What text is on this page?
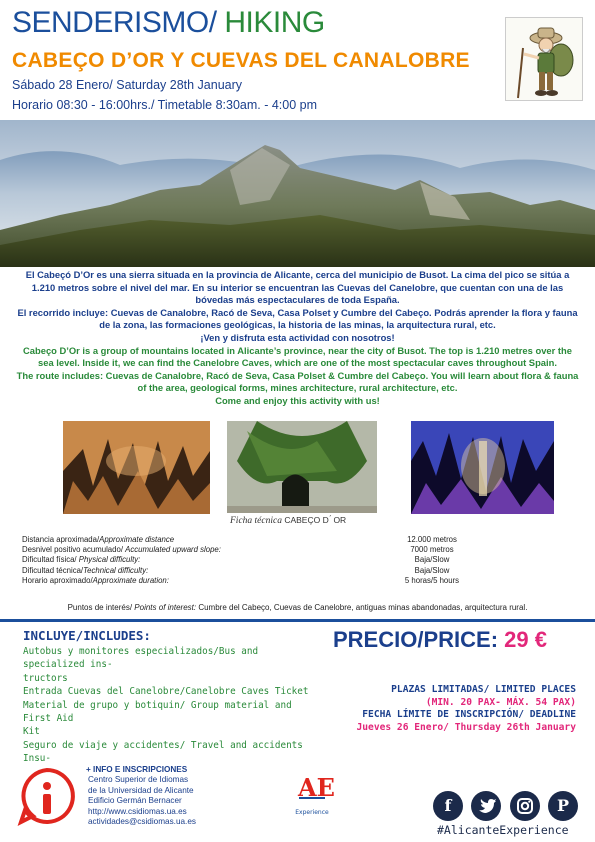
SENDERISMO/ HIKING
CABEÇO D’OR Y CUEVAS DEL CANALOBRE
Sábado 28 Enero/ Saturday 28th January
Horario 08:30 - 16:00hrs./ Timetable 8:30am. - 4:00 pm

El Cabeçó D’Or es una sierra situada en la provincia de Alicante, cerca del municipio de Busot. La cima del pico se sitúa a 1.210 metros sobre el nivel del mar. En su interior se encuentran las Cuevas del Canelobre, que cuentan con una de las bóvedas más espectaculares de toda España.

El recorrido incluye: Cuevas de Canalobre, Racó de Seva, Casa Polset y Cumbre del Cabeço. Podrás aprender la flora y fauna de la zona, las formaciones geológicas, la historia de las minas, la arquitectura rural, etc.

¡Ven y disfruta esta actividad con nosotros!

Cabeço D’Or is a group of mountains located in Alicante’s province, near the city of Busot. The top is 1.210 metres over the sea level. Inside it, we can find the Canelobre Caves, which are one of the most spectacular caves throughout Spain.

The route includes: Cuevas de Canalobre, Racó de Seva, Casa Polset & Cumbre del Cabeço. You will learn about flora & fauna of the area, geological forms, mines architecture, rural architecture, etc.

Come and enjoy this activity with us!

Ficha técnica CABEÇO D ́ OR
Distancia aproximada/Approximate distance	12.000 metros
Desnivel positivo acumulado/ Accumulated upward slope:	7000 metros
Dificultad física/ Physical difficulty:	Baja/Slow
Dificultad técnica/Technical difficulty:	Baja/Slow
Horario aproximado/Approximate duration:	5 horas/5 hours
Puntos de interés/ Points of interest: Cumbre del Cabeço, Cuevas de Canelobre, antiguas minas abandonadas, arquitectura rural.
INCLUYE/INCLUDES:

Autobus y monitores especializados/Bus and specialized ins-

tructors

Entrada Cuevas del Canelobre/Canelobre Caves Ticket

Material de grupo y botiquin/ Group material and First Aid

Kit

Seguro de viaje y accidentes/ Travel and accidents Insu-

PRECIO/PRICE: 29 €
PLAZAS LIMITADAS/ LIMITED PLACES
(MIN. 20 PAX- MÁX. 54 PAX)
FECHA LÍMITE DE INSCRIPCIÓN/ DEADLINE
Jueves 26 Enero/ Thursday 26th January
+ INFO E INSCRIPCIONES
Centro Superior de Idiomas
de la Universidad de Alicante
Edificio Germán Bernacer
http://www.csidiomas.ua.es
actividades@csidiomas.ua.es
AE
Experience	f	P
#AlicanteExperience
